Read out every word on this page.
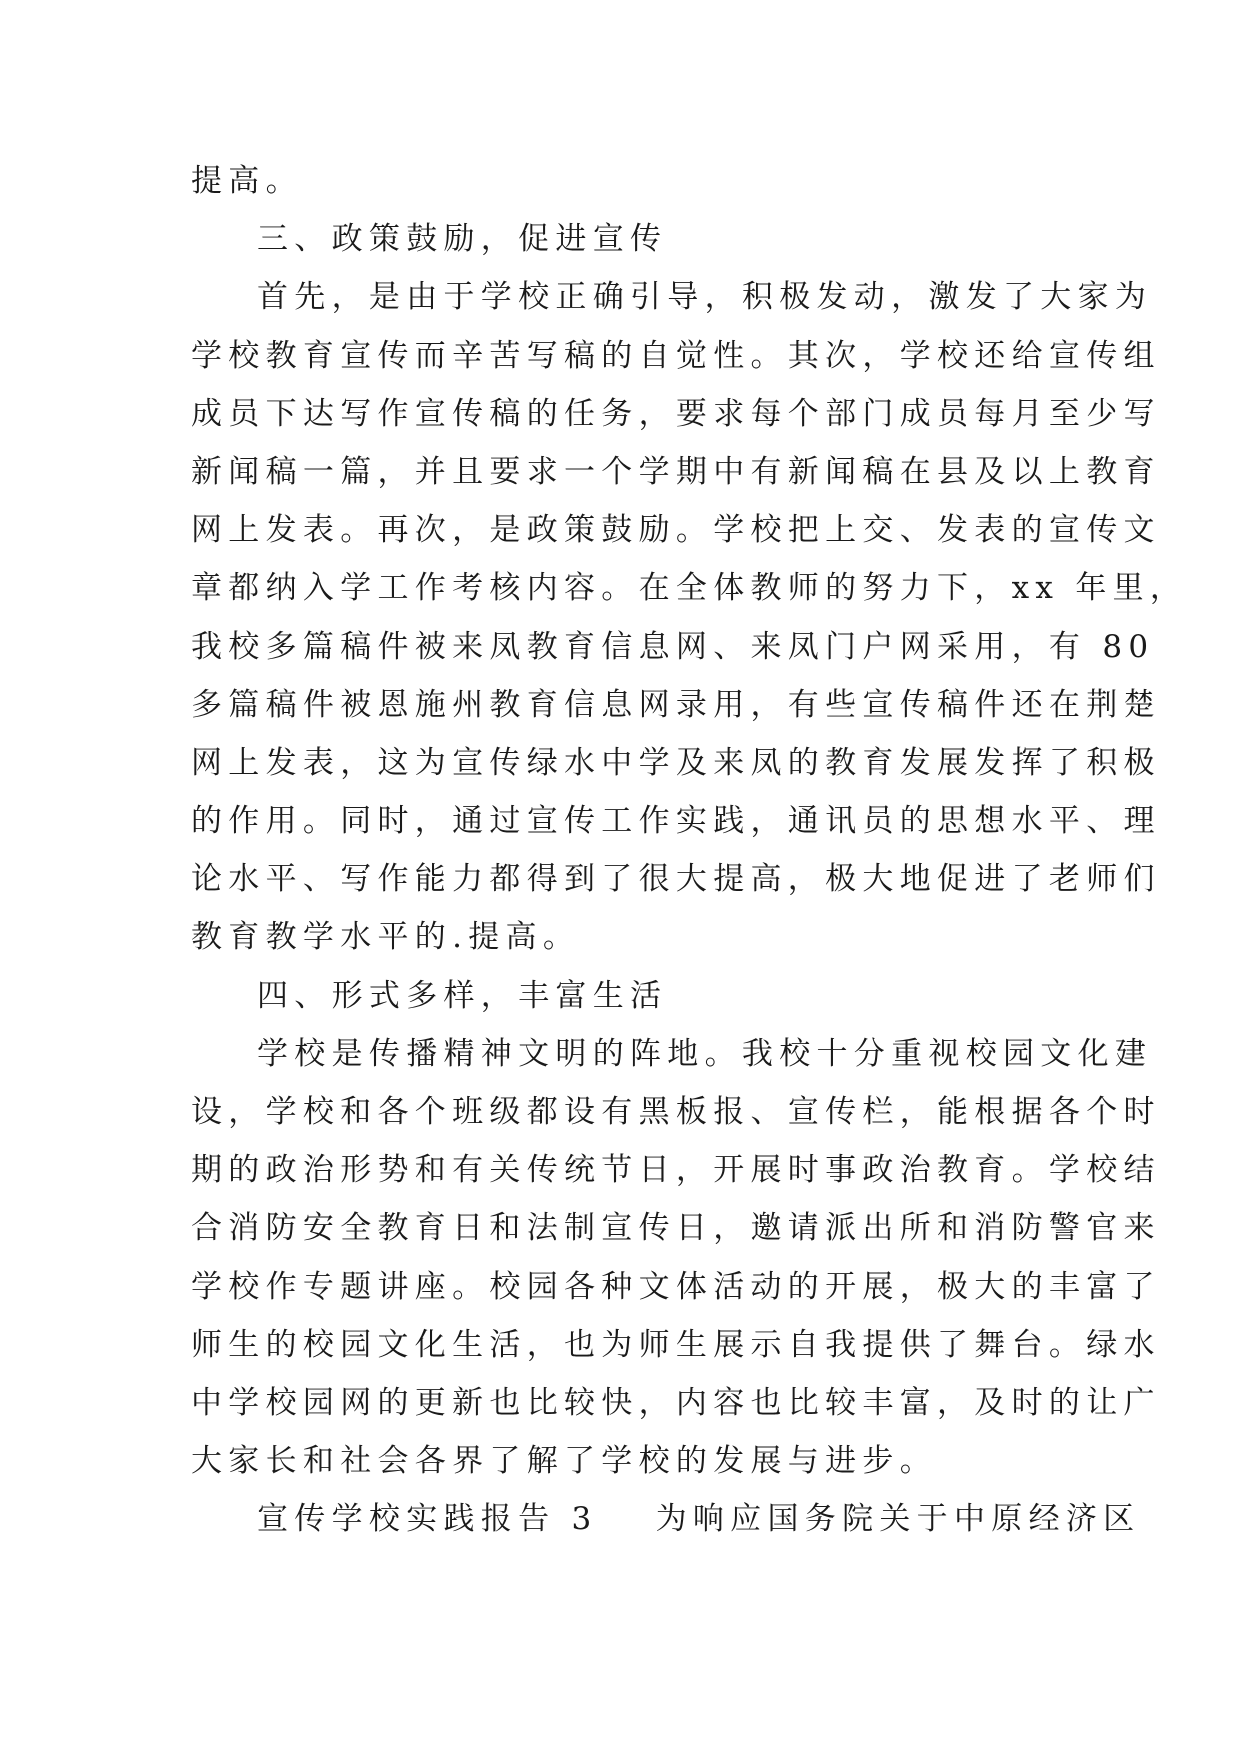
提高。
三、政策鼓励，促进宣传
首先，是由于学校正确引导，积极发动，激发了大家为
学校教育宣传而辛苦写稿的自觉性。其次，学校还给宣传组
成员下达写作宣传稿的任务，要求每个部门成员每月至少写
新闻稿一篇，并且要求一个学期中有新闻稿在县及以上教育
网上发表。再次，是政策鼓励。学校把上交、发表的宣传文
章都纳入学工作考核内容。在全体教师的努力下，xx 年里，
我校多篇稿件被来凤教育信息网、来凤门户网采用，有 80
多篇稿件被恩施州教育信息网录用，有些宣传稿件还在荆楚
网上发表，这为宣传绿水中学及来凤的教育发展发挥了积极
的作用。同时，通过宣传工作实践，通讯员的思想水平、理
论水平、写作能力都得到了很大提高，极大地促进了老师们
教育教学水平的.提高。
四、形式多样，丰富生活
学校是传播精神文明的阵地。我校十分重视校园文化建
设，学校和各个班级都设有黑板报、宣传栏，能根据各个时
期的政治形势和有关传统节日，开展时事政治教育。学校结
合消防安全教育日和法制宣传日，邀请派出所和消防警官来
学校作专题讲座。校园各种文体活动的开展，极大的丰富了
师生的校园文化生活，也为师生展示自我提供了舞台。绿水
中学校园网的更新也比较快，内容也比较丰富，及时的让广
大家长和社会各界了解了学校的发展与进步。
宣传学校实践报告 3 为响应国务院关于中原经济区
